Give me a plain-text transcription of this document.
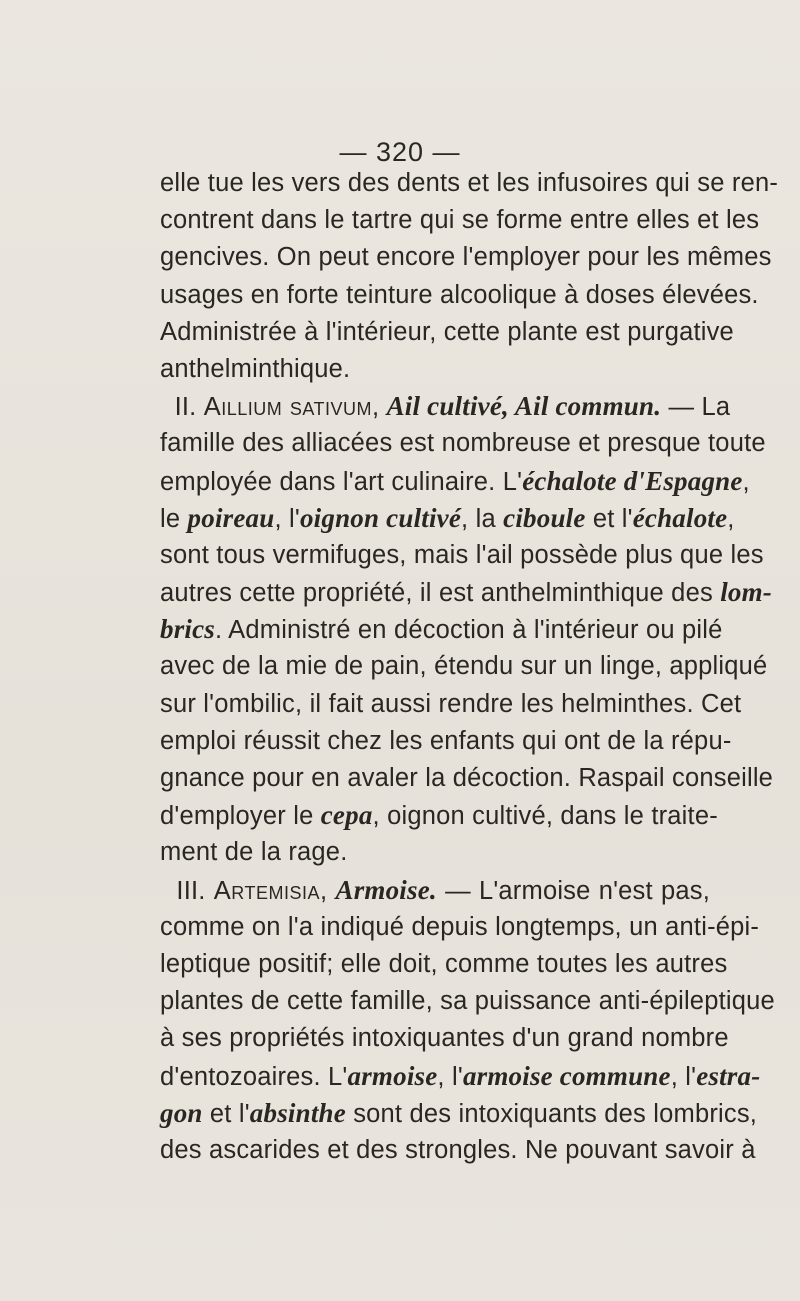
— 320 —
elle tue les vers des dents et les infusoires qui se ren-
contrent dans le tartre qui se forme entre elles et les
gencives. On peut encore l'employer pour les mêmes
usages en forte teinture alcoolique à doses élevées.
Administrée à l'intérieur, cette plante est purgative
anthelminthique.
II. Aillium sativum, Ail cultivé, Ail commun. — La
famille des alliacées est nombreuse et presque toute
employée dans l'art culinaire. L'échalote d'Espagne,
le poireau, l'oignon cultivé, la ciboule et l'échalote,
sont tous vermifuges, mais l'ail possède plus que les
autres cette propriété, il est anthelminthique des lom-
brics. Administré en décoction à l'intérieur ou pilé
avec de la mie de pain, étendu sur un linge, appliqué
sur l'ombilic, il fait aussi rendre les helminthes. Cet
emploi réussit chez les enfants qui ont de la répu-
gnance pour en avaler la décoction. Raspail conseille
d'employer le cepa, oignon cultivé, dans le traite-
ment de la rage.
III. Artemisia, Armoise. — L'armoise n'est pas,
comme on l'a indiqué depuis longtemps, un anti-épi-
leptique positif; elle doit, comme toutes les autres
plantes de cette famille, sa puissance anti-épileptique
à ses propriétés intoxiquantes d'un grand nombre
d'entozoaires. L'armoise, l'armoise commune, l'estra-
gon et l'absinthe sont des intoxiquants des lombrics,
des ascarides et des strongles. Ne pouvant savoir à
